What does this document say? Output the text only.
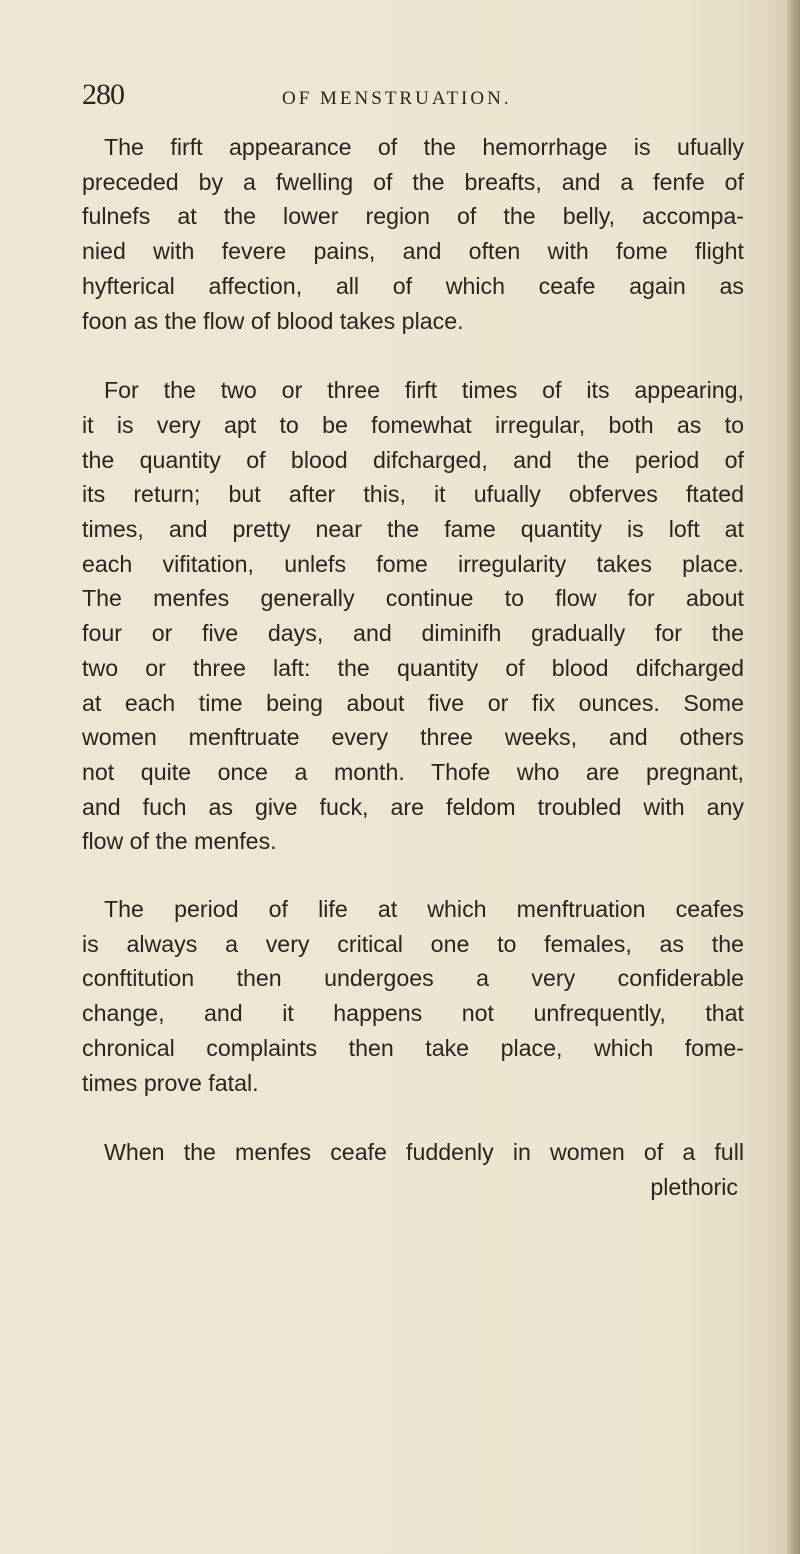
280	OF MENSTRUATION.
The firft appearance of the hemorrhage is ufually
preceded by a fwelling of the breafts, and a fenfe of
fulnefs at the lower region of the belly, accompa-
nied with fevere pains, and often with fome flight
hyfterical affection, all of which ceafe again as
foon as the flow of blood takes place.
For the two or three firft times of its appearing,
it is very apt to be fomewhat irregular, both as to
the quantity of blood difcharged, and the period of
its return; but after this, it ufually obferves ftated
times, and pretty near the fame quantity is loft at
each vifitation, unlefs fome irregularity takes place.
The menfes generally continue to flow for about
four or five days, and diminifh gradually for the
two or three laft: the quantity of blood difcharged
at each time being about five or fix ounces. Some
women menftruate every three weeks, and others
not quite once a month. Thofe who are pregnant,
and fuch as give fuck, are feldom troubled with any
flow of the menfes.
The period of life at which menftruation ceafes
is always a very critical one to females, as the
conftitution then undergoes a very confiderable
change, and it happens not unfrequently, that
chronical complaints then take place, which fome-
times prove fatal.
When the menfes ceafe fuddenly in women of a full
plethoric
